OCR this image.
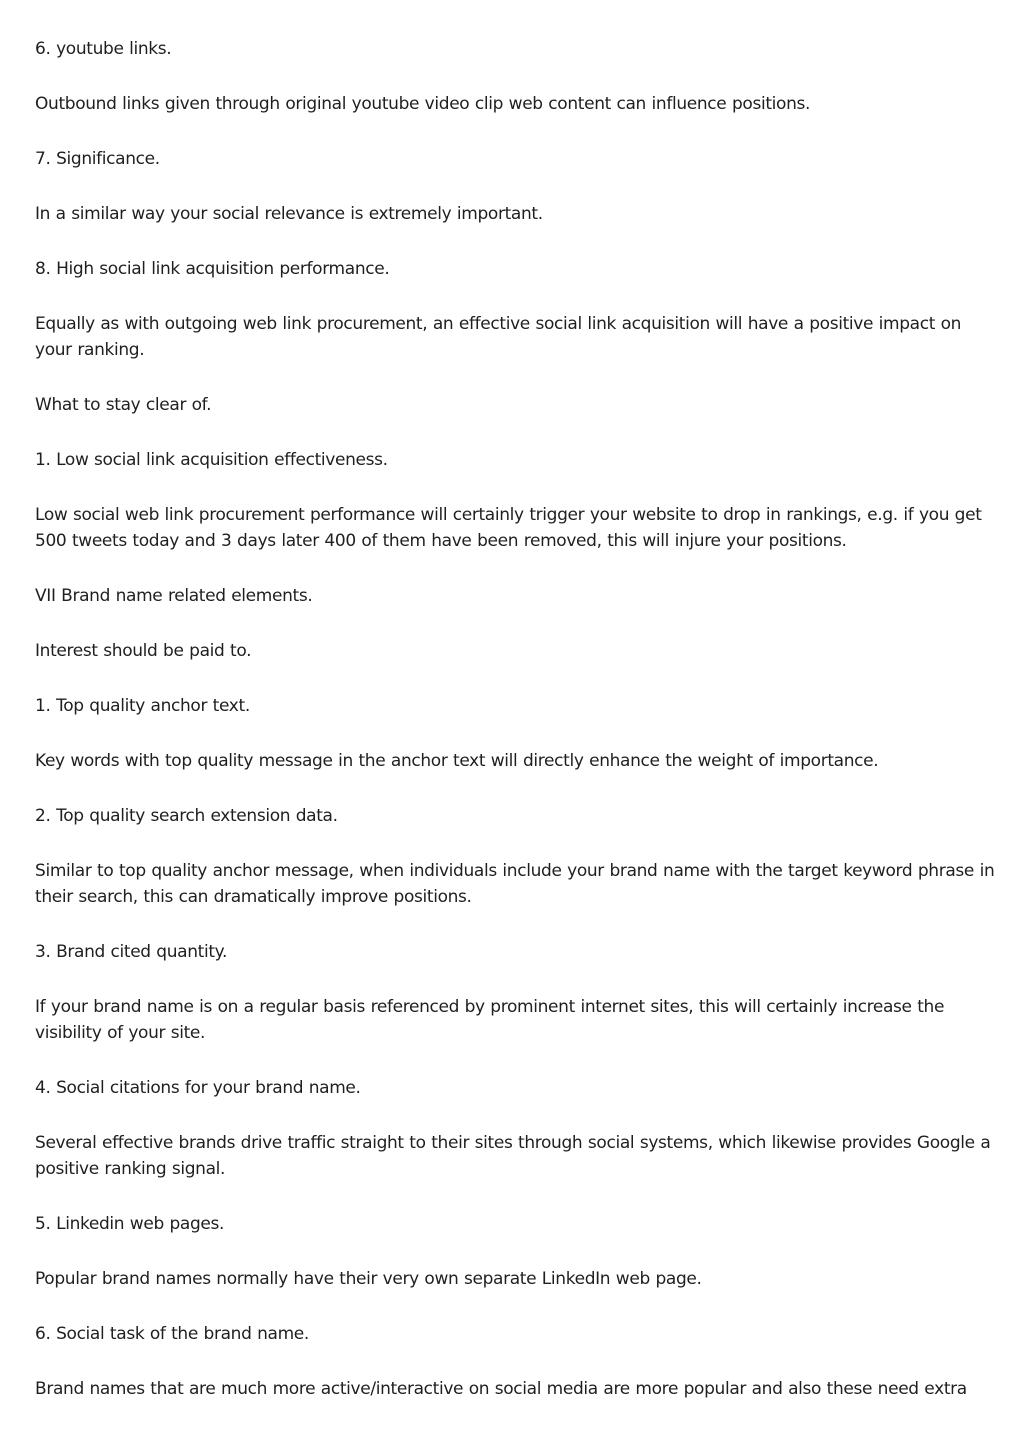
6. youtube links.

Outbound links given through original youtube video clip web content can influence positions.

7. Significance.

In a similar way your social relevance is extremely important.

8. High social link acquisition performance.

Equally as with outgoing web link procurement, an effective social link acquisition will have a positive impact on your ranking.

What to stay clear of.

1. Low social link acquisition effectiveness.

Low social web link procurement performance will certainly trigger your website to drop in rankings, e.g. if you get 500 tweets today and 3 days later 400 of them have been removed, this will injure your positions.

VII Brand name related elements.

Interest should be paid to.

1. Top quality anchor text.

Key words with top quality message in the anchor text will directly enhance the weight of importance.

2. Top quality search extension data.

Similar to top quality anchor message, when individuals include your brand name with the target keyword phrase in their search, this can dramatically improve positions.

3. Brand cited quantity.

If your brand name is on a regular basis referenced by prominent internet sites, this will certainly increase the visibility of your site.

4. Social citations for your brand name.

Several effective brands drive traffic straight to their sites through social systems, which likewise provides Google a positive ranking signal.

5. Linkedin web pages.

Popular brand names normally have their very own separate LinkedIn web page.

6. Social task of the brand name.

Brand names that are much more active/interactive on social media are more popular and also these need extra
